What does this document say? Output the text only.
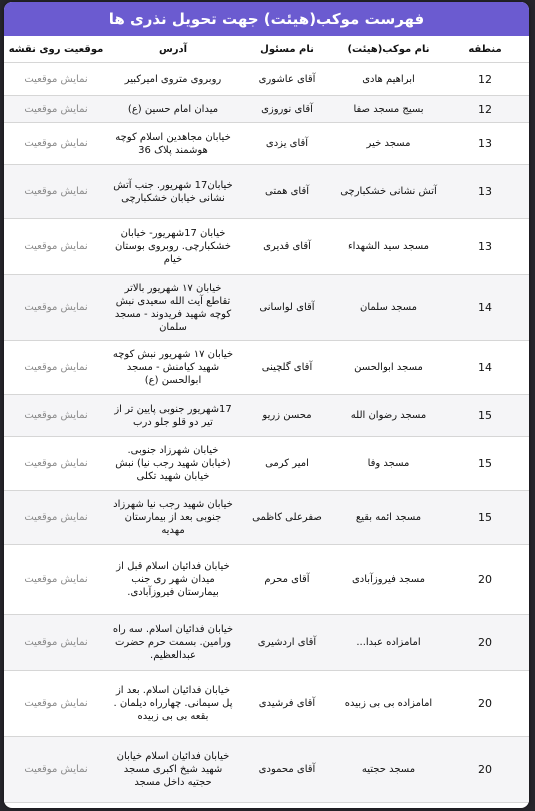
فهرست موکب(هیئت) جهت تحویل نذری ها
منطقه	نام موکب(هیئت)	نام مسئول	آدرس	موقعیت روی نقشه
12	ابراهیم هادی	آقای عاشوری	روبروی متروی امیرکبیر	نمایش موقعیت
12	بسیج مسجد صفا	آقای نوروزی	میدان امام حسین (ع)	نمایش موقعیت
13	مسجد خیر	آقای یزدی	خیابان مجاهدین اسلام کوچه هوشمند پلاک 36	نمایش موقعیت
13	آتش نشانی خشکبارچی	آقای همتی	خیابان17 شهریور. جنب آتش نشانی خیابان خشکبارچی	نمایش موقعیت
13	مسجد سید الشهداء	آقای قدیری	خیابان 17شهریور- خیابان خشکبارچی. روبروی بوستان خیام	نمایش موقعیت
14	مسجد سلمان	آقای لواسانی	خیابان ۱۷ شهریور بالاتر تقاطع آیت الله سعیدی نبش کوچه شهید فریدوند - مسجد سلمان	نمایش موقعیت
14	مسجد ابوالحسن	آقای گلچینی	خیابان ۱۷ شهریور نبش کوچه شهید کیامنش - مسجد ابوالحسن (ع)	نمایش موقعیت
15	مسجد رضوان الله	محسن زریو	17شهریور جنوبی پایین تر از تیر دو قلو جلو درب	نمایش موقعیت
15	مسجد وفا	امیر کرمی	خیابان شهرزاد جنوبی. (خیابان شهید رجب نیا) نبش خیابان شهید تکلی	نمایش موقعیت
15	مسجد ائمه بقیع	صفرعلی کاظمی	خیابان شهید رجب نیا شهرزاد جنوبی بعد از بیمارستان مهدیه	نمایش موقعیت
20	مسجد فیروزآبادی	آقای محرم	خیابان فدائیان اسلام قبل از میدان شهر ری جنب بیمارستان فیروزآبادی.	نمایش موقعیت
20	امامزاده عبدا...	آقای اردشیری	خیابان فدائیان اسلام. سه راه ورامین. بسمت حرم حضرت عبدالعظیم.	نمایش موقعیت
20	امامزاده بی بی زبیده	آقای فرشیدی	خیابان فدائیان اسلام. بعد از پل سیمانی. چهارراه دیلمان . بقعه بی بی زبیده	نمایش موقعیت
20	مسجد حجتیه	آقای محمودی	خیابان فدائیان اسلام خیابان شهید شیخ اکبری مسجد حجتیه داخل مسجد	نمایش موقعیت
